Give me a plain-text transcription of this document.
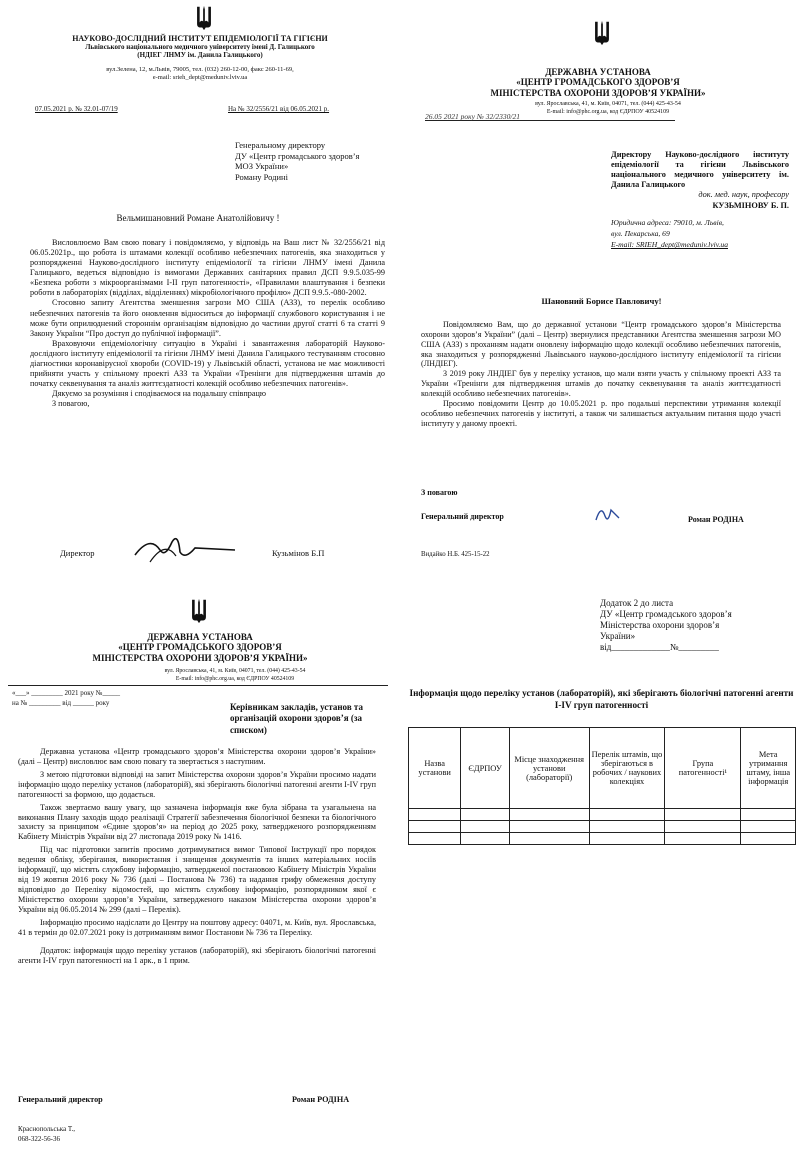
НАУКОВО-ДОСЛІДНИЙ ІНСТИТУТ ЕПІДЕМІОЛОГІЇ ТА ГІГІЄНИ
Львівського національного медичного університету імені Д. Галицького
(НДІЕГ ЛНМУ ім. Данила Галицького)
вул.Зелена, 12, м.Львів, 79005, тел. (032) 260-12-00, факс 260-11-69,
e-mail: srieh_dept@meduniv.lviv.ua
07.05.2021 р. № 32.01-07/19	На № 32/2556/21 від 06.05.2021 р.
Генеральному директору
ДУ «Центр громадського здоров’я
МОЗ України»
Роману Родині
Вельмишановний Романе Анатолійовичу !

Висловлюємо Вам свою повагу і повідомляємо, у відповідь на Ваш лист № 32/2556/21 від 06.05.2021р., що робота із штамами колекції особливо небезпечних патогенів, яка знаходиться у розпорядженні Науково-дослідного інституту епідеміології та гігієни ЛНМУ імені Данила Галицького, ведеться відповідно із вимогами Державних санітарних правил ДСП 9.9.5.035-99 «Безпека роботи з мікроорганізмами І-ІІ груп патогенності», «Правилами влаштування і безпеки роботи в лабораторіях (відділах, відділеннях) мікробіологічного профілю» ДСП 9.9.5.-080-2002.

Стосовно запиту Агентства зменшення загрози МО США (АЗЗ), то перелік особливо небезпечних патогенів та його оновлення відноситься до інформації службового користування і не може бути оприлюднений стороннім організаціям відповідно до частини другої статті 6 та статті 9 Закону України “Про доступ до публічної інформації”.

Враховуючи епідеміологічну ситуацію в Україні і завантаження лабораторій Науково-дослідного інституту епідеміології та гігієни ЛНМУ імені Данила Галицького тестуванням стосовно діагностики коронавірусної хвороби (COVID-19) у Львівській області, установа не має можливості прийняти участь у спільному проекті АЗЗ та України «Тренінги для підтвердження штамів до початку секвенування та аналіз життєздатності колекцій особливо небезпечних патогенів».

Дякуємо за розуміння і сподіваємося на подальшу співпрацю

З повагою,

Директор	Кузьмінов Б.П
ДЕРЖАВНА УСТАНОВА
«ЦЕНТР ГРОМАДСЬКОГО ЗДОРОВ’Я
МІНІСТЕРСТВА ОХОРОНИ ЗДОРОВ’Я УКРАЇНИ»
вул. Ярославська, 41, м. Київ, 04071, тел. (044) 425-43-54
E-mail: info@phc.org.ua, код ЄДРПОУ 40524109
26.05 2021 року № 32/2330/21
Директору Науково-дослідного інституту епідеміології та гігієни Львівського національного медичного університету ім. Данила Галицького
док. мед. наук, професору
КУЗЬМІНОВУ Б. П.
Юридична адреса: 79010, м. Львів,
вул. Пекарська, 69
E-mail: SRIEH_dept@meduniv.lviv.ua
Шановний Борисе Павловичу!

Повідомляємо Вам, що до державної установи “Центр громадського здоров’я Міністерства охорони здоров’я України” (далі – Центр) звернулися представники Агентства зменшення загрози МО США (АЗЗ) з проханням надати оновлену інформацію щодо колекції особливо небезпечних патогенів, яка знаходиться у розпорядженні Львівського науково-дослідного інституту епідеміології та гігієни (ЛНДІЕГ).

З 2019 року ЛНДІЕГ був у переліку установ, що мали взяти участь у спільному проекті АЗЗ та України «Тренінги для підтвердження штамів до початку секвенування та аналіз життєздатності колекцій особливо небезпечних патогенів».

Просимо повідомити Центр до 10.05.2021 р. про подальші перспективи утримання колекції особливо небезпечних патогенів у інституті, а також чи залишається актуальним питання щодо участі інституту у даному проекті.

З повагою
Генеральний директор	Роман РОДІНА
Видайко Н.Б. 425-15-22
ДЕРЖАВНА УСТАНОВА
«ЦЕНТР ГРОМАДСЬКОГО ЗДОРОВ’Я
МІНІСТЕРСТВА ОХОРОНИ ЗДОРОВ’Я УКРАЇНИ»
вул. Ярославська, 41, м. Київ, 04071, тел. (044) 425-43-54
E-mail: info@phc.org.ua, код ЄДРПОУ 40524109
«___» _________ 2021 року №_____
на № _________ від ______ року	Керівникам закладів, установ та організацій охорони здоров’я (за списком)

Державна установа «Центр громадського здоров’я Міністерства охорони здоров’я України» (далі – Центр) висловлює вам свою повагу та звертається з наступним.

З метою підготовки відповіді на запит Міністерства охорони здоров’я України просимо надати інформацію щодо переліку установ (лабораторій), які зберігають біологічні патогенні агенти І-IV груп патогенності за формою, що додається.

Також звертаємо вашу увагу, що зазначена інформація вже була зібрана та узагальнена на виконання Плану заходів щодо реалізації Стратегії забезпечення біологічної безпеки та біологічного захисту за принципом «Єдине здоров’я» на період до 2025 року, затвердженого розпорядженням Кабінету Міністрів України від 27 листопада 2019 року № 1416.

Під час підготовки запитів просимо дотримуватися вимог Типової Інструкції про порядок ведення обліку, зберігання, використання і знищення документів та інших матеріальних носіїв інформації, що містять службову інформацію, затвердженої постановою Кабінету Міністрів України від 19 жовтня 2016 року № 736 (далі – Постанова № 736) та надання грифу обмеження доступу відповідно до Переліку відомостей, що містять службову інформацію, розпорядником якої є Міністерство охорони здоров’я України, затвердженого наказом Міністерства охорони здоров’я України від 06.05.2014 № 299 (далі – Перелік).

Інформацію просимо надіслати до Центру на поштову адресу: 04071, м. Київ, вул. Ярославська, 41 в термін до 02.07.2021 року із дотриманням вимог Постанови № 736 та Переліку.

Додаток: інформація щодо переліку установ (лабораторій), які зберігають біологічні патогенні агенти І-IV груп патогенності на 1 арк., в 1 прим.

Генеральний директор	Роман РОДІНА
Краснопольська Т.,
068-322-56-36
Додаток 2 до листа
ДУ «Центр громадського здоров’я
Міністерства охорони здоров’я
України»
від_____________№_________
Інформація щодо переліку установ (лабораторій), які зберігають біологічні патогенні агенти І-IV груп патогенності
Назва установи	ЄДРПОУ	Місце знаходження установи (лабораторії)	Перелік штамів, що зберігаються в робочих / наукових колекціях	Група патогенності¹	Мета утримання штаму, інша інформація
